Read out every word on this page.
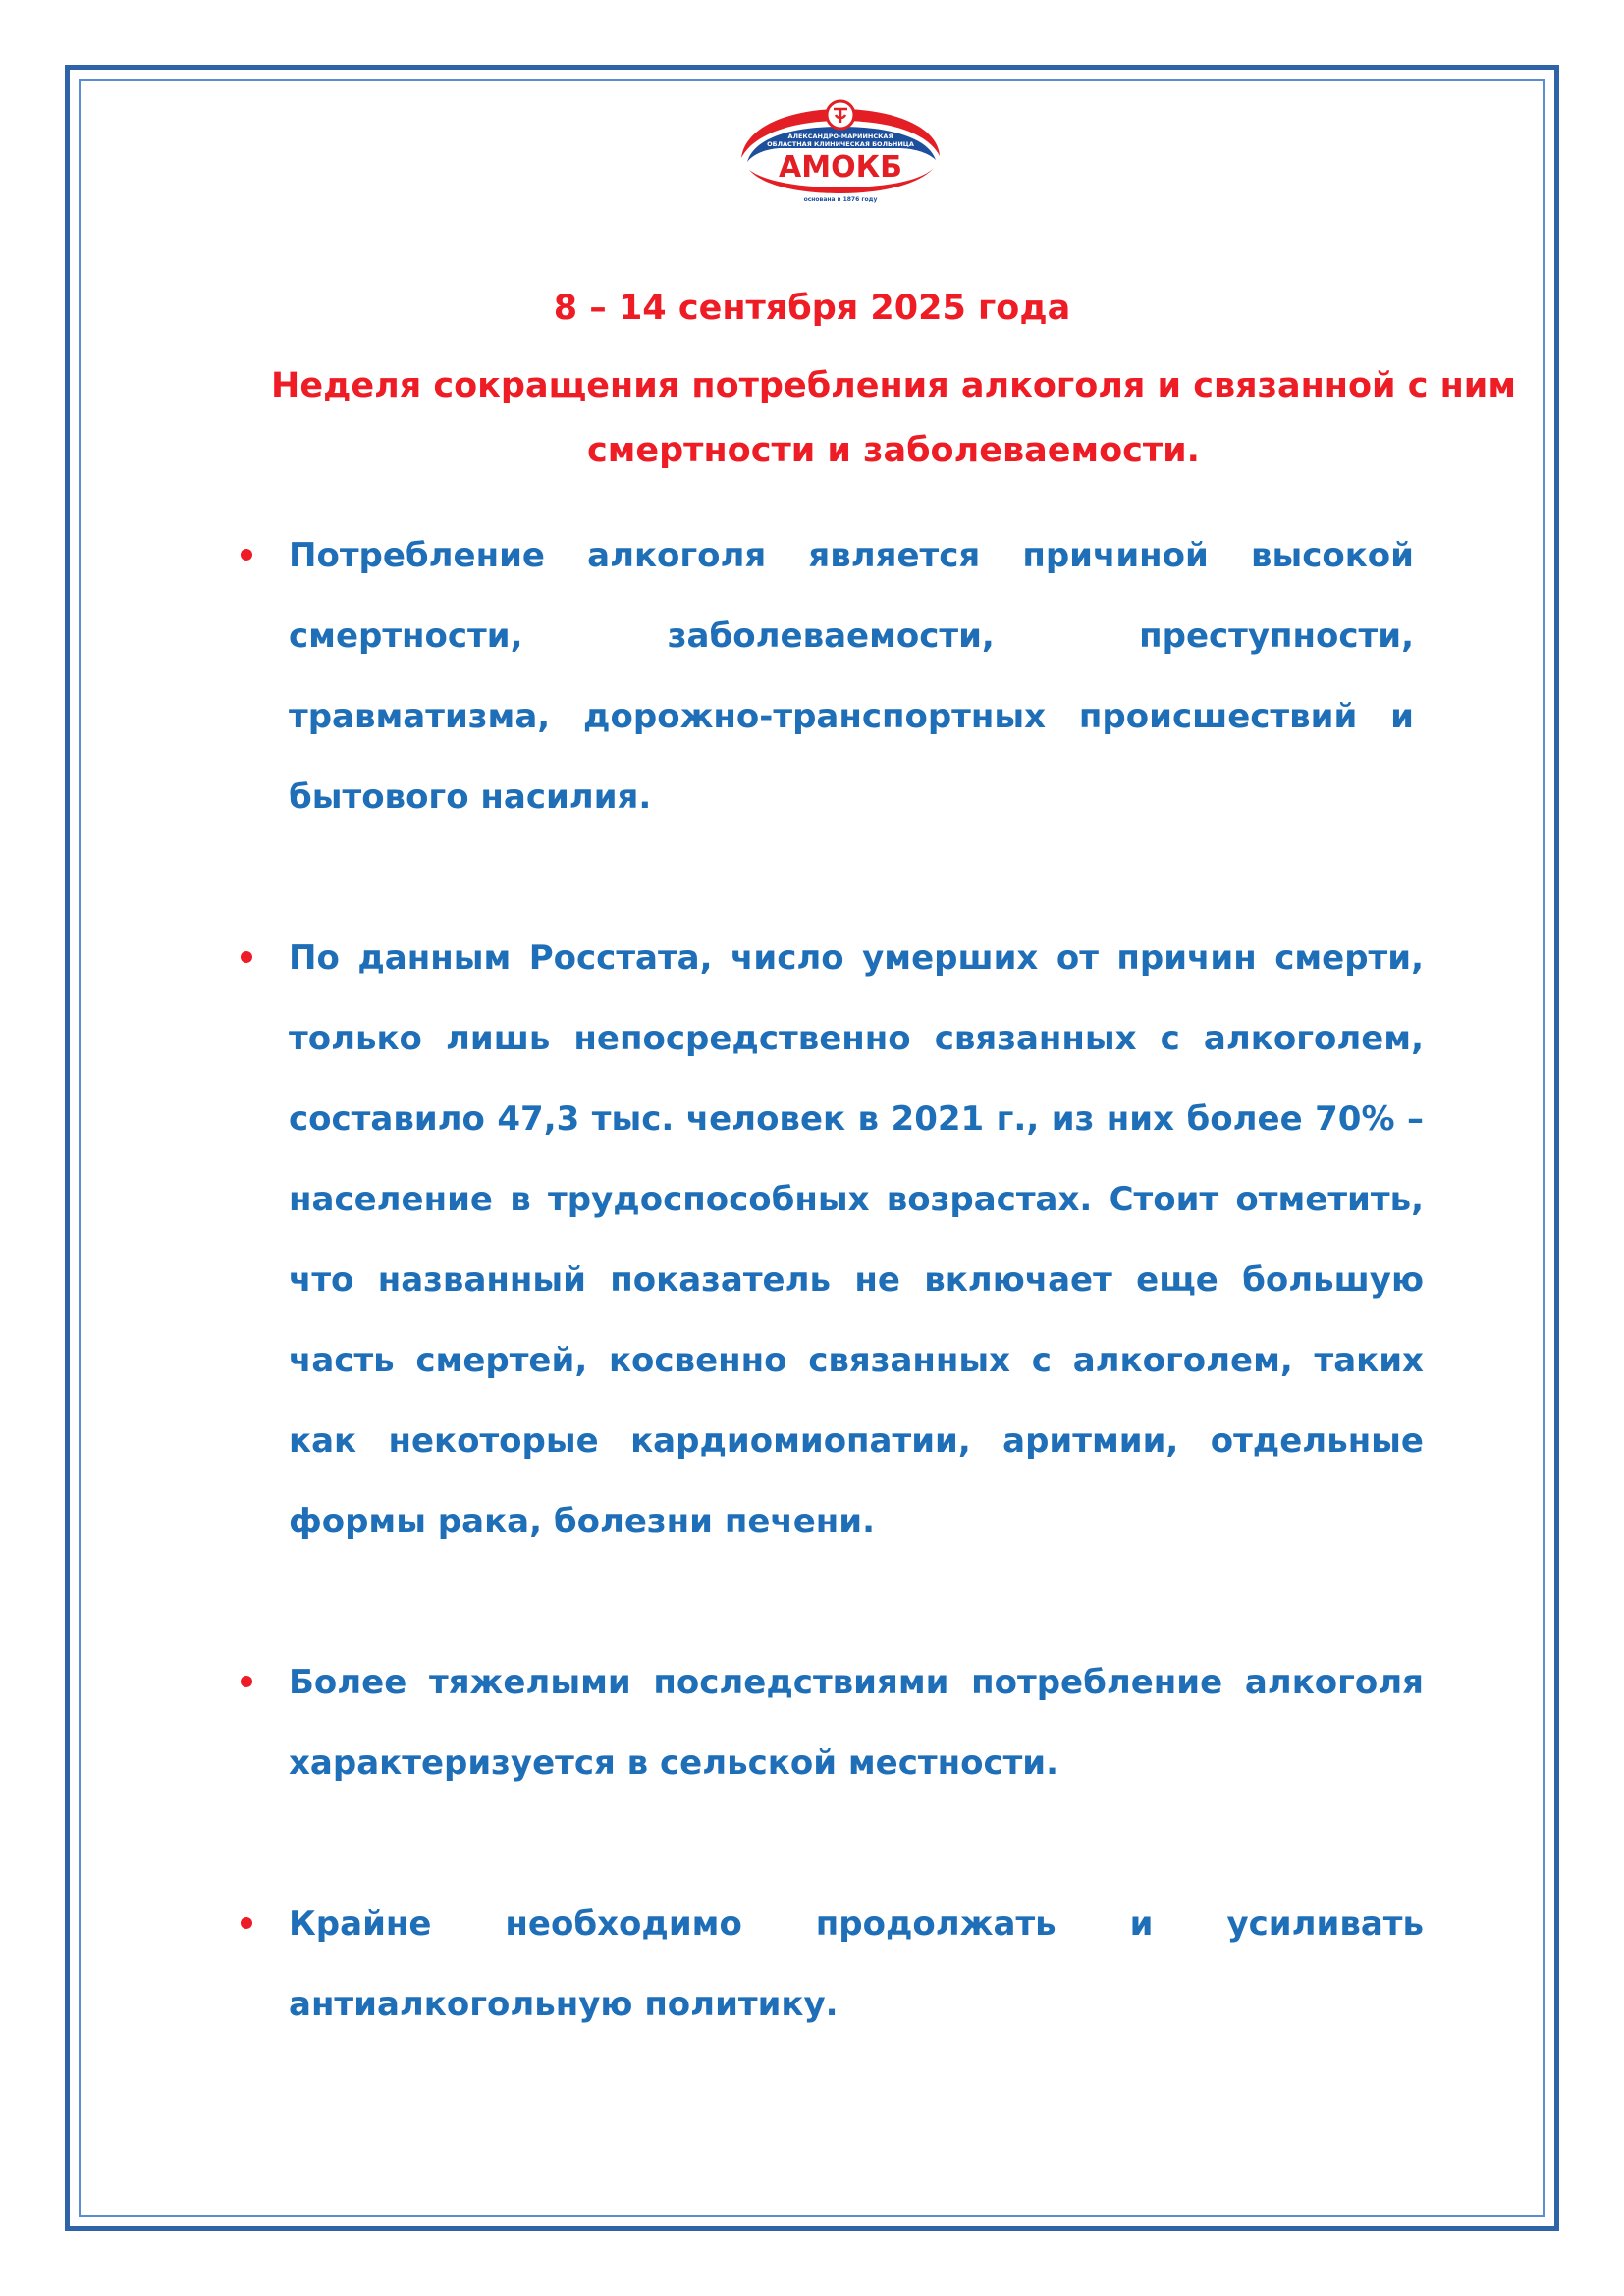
АЛЕКСАНДРО-МАРИИНСКАЯ
ОБЛАСТНАЯ КЛИНИЧЕСКАЯ БОЛЬНИЦА
АМОКБ
основана в 1876 году
8 – 14 сентября 2025 года
Неделя сокращения потребления алкоголя и связанной с ним смертности и заболеваемости.
Потребление алкоголя является причиной высокой смертности, заболеваемости, преступности, травматизма, дорожно-транспортных происшествий и бытового насилия.
По данным Росстата, число умерших от причин смерти, только лишь непосредственно связанных с алкоголем, составило 47,3 тыс. человек в 2021 г., из них более 70% – население в трудоспособных возрастах. Стоит отметить, что названный показатель не включает еще большую часть смертей, косвенно связанных с алкоголем, таких как некоторые кардиомиопатии, аритмии, отдельные формы рака, болезни печени.
Более тяжелыми последствиями потребление алкоголя характеризуется в сельской местности.
Крайне необходимо продолжать и усиливать антиалкогольную политику.
